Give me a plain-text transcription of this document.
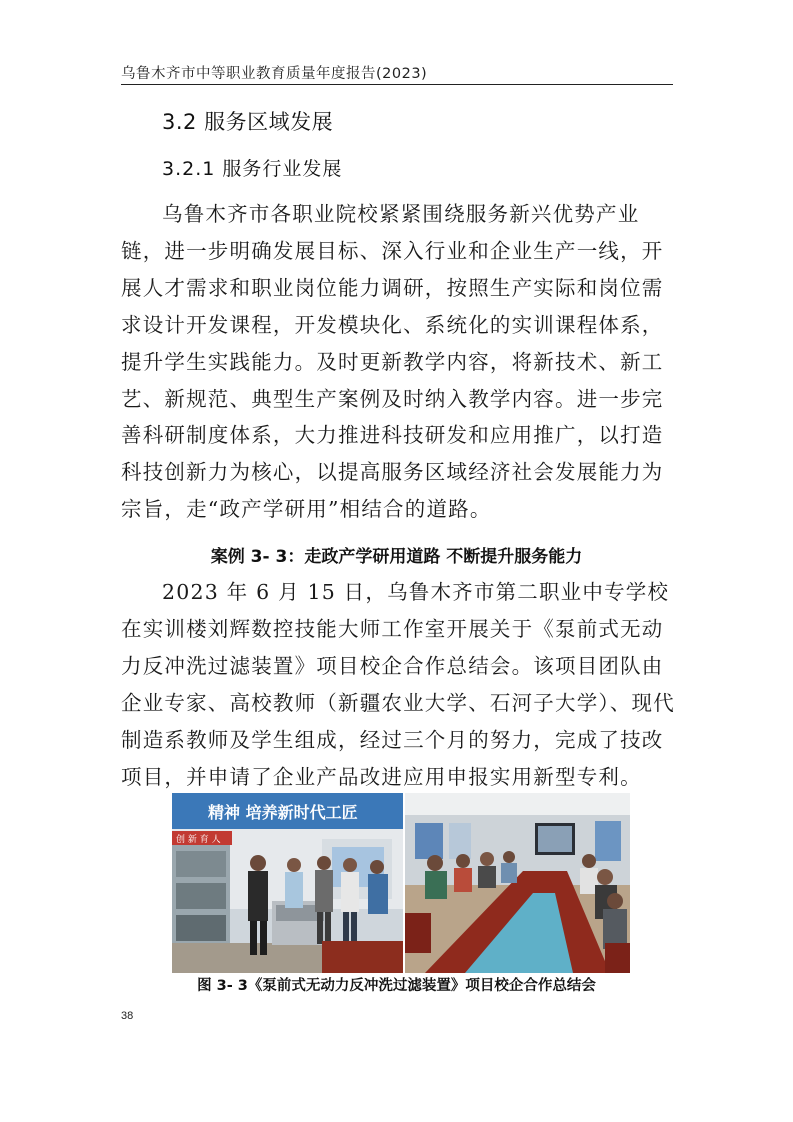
乌鲁木齐市中等职业教育质量年度报告(2023)
3.2 服务区域发展
3.2.1 服务行业发展

乌鲁木齐市各职业院校紧紧围绕服务新兴优势产业链，进一步明确发展目标、深入行业和企业生产一线，开展人才需求和职业岗位能力调研，按照生产实际和岗位需求设计开发课程，开发模块化、系统化的实训课程体系，提升学生实践能力。及时更新教学内容，将新技术、新工艺、新规范、典型生产案例及时纳入教学内容。进一步完善科研制度体系，大力推进科技研发和应用推广，以打造科技创新力为核心，以提高服务区域经济社会发展能力为宗旨，走“政产学研用”相结合的道路。

案例 3- 3：走政产学研用道路 不断提升服务能力

2023 年 6 月 15 日，乌鲁木齐市第二职业中专学校在实训楼刘辉数控技能大师工作室开展关于《泵前式无动力反冲洗过滤装置》项目校企合作总结会。该项目团队由企业专家、高校教师（新疆农业大学、石河子大学）、现代制造系教师及学生组成，经过三个月的努力，完成了技改项目，并申请了企业产品改进应用申报实用新型专利。

精神 培养新时代工匠
创 新 育 人
图 3- 3《泵前式无动力反冲洗过滤装置》项目校企合作总结会
38
